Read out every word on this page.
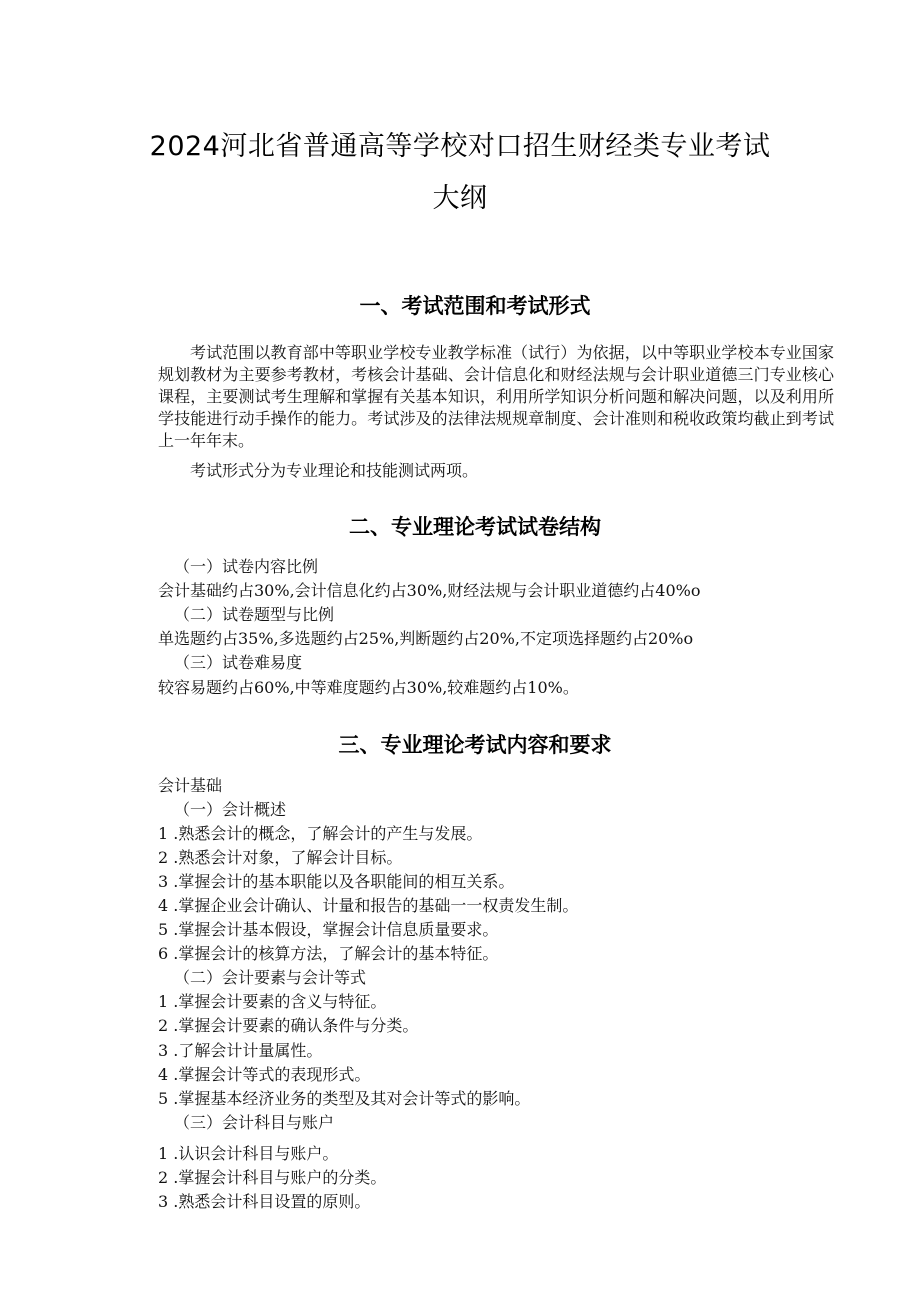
2024河北省普通高等学校对口招生财经类专业考试
大纲
一、考试范围和考试形式

考试范围以教育部中等职业学校专业教学标准（试行）为依据，以中等职业学校本专业国家规划教材为主要参考教材，考核会计基础、会计信息化和财经法规与会计职业道德三门专业核心课程，主要测试考生理解和掌握有关基本知识，利用所学知识分析问题和解决问题，以及利用所学技能进行动手操作的能力。考试涉及的法律法规规章制度、会计准则和税收政策均截止到考试上一年年末。

考试形式分为专业理论和技能测试两项。

二、专业理论考试试卷结构
（一）试卷内容比例
会计基础约占30%,会计信息化约占30%,财经法规与会计职业道德约占40%o
（二）试卷题型与比例
单选题约占35%,多选题约占25%,判断题约占20%,不定项选择题约占20%o
（三）试卷难易度
较容易题约占60%,中等难度题约占30%,较难题约占10%。
三、专业理论考试内容和要求
会计基础
（一）会计概述
1 .熟悉会计的概念，了解会计的产生与发展。
2 .熟悉会计对象，了解会计目标。
3 .掌握会计的基本职能以及各职能间的相互关系。
4 .掌握企业会计确认、计量和报告的基础一一权责发生制。
5 .掌握会计基本假设，掌握会计信息质量要求。
6 .掌握会计的核算方法，了解会计的基本特征。
（二）会计要素与会计等式
1 .掌握会计要素的含义与特征。
2 .掌握会计要素的确认条件与分类。
3 .了解会计计量属性。
4 .掌握会计等式的表现形式。
5 .掌握基本经济业务的类型及其对会计等式的影响。
（三）会计科目与账户
1 .认识会计科目与账户。
2 .掌握会计科目与账户的分类。
3 .熟悉会计科目设置的原则。
